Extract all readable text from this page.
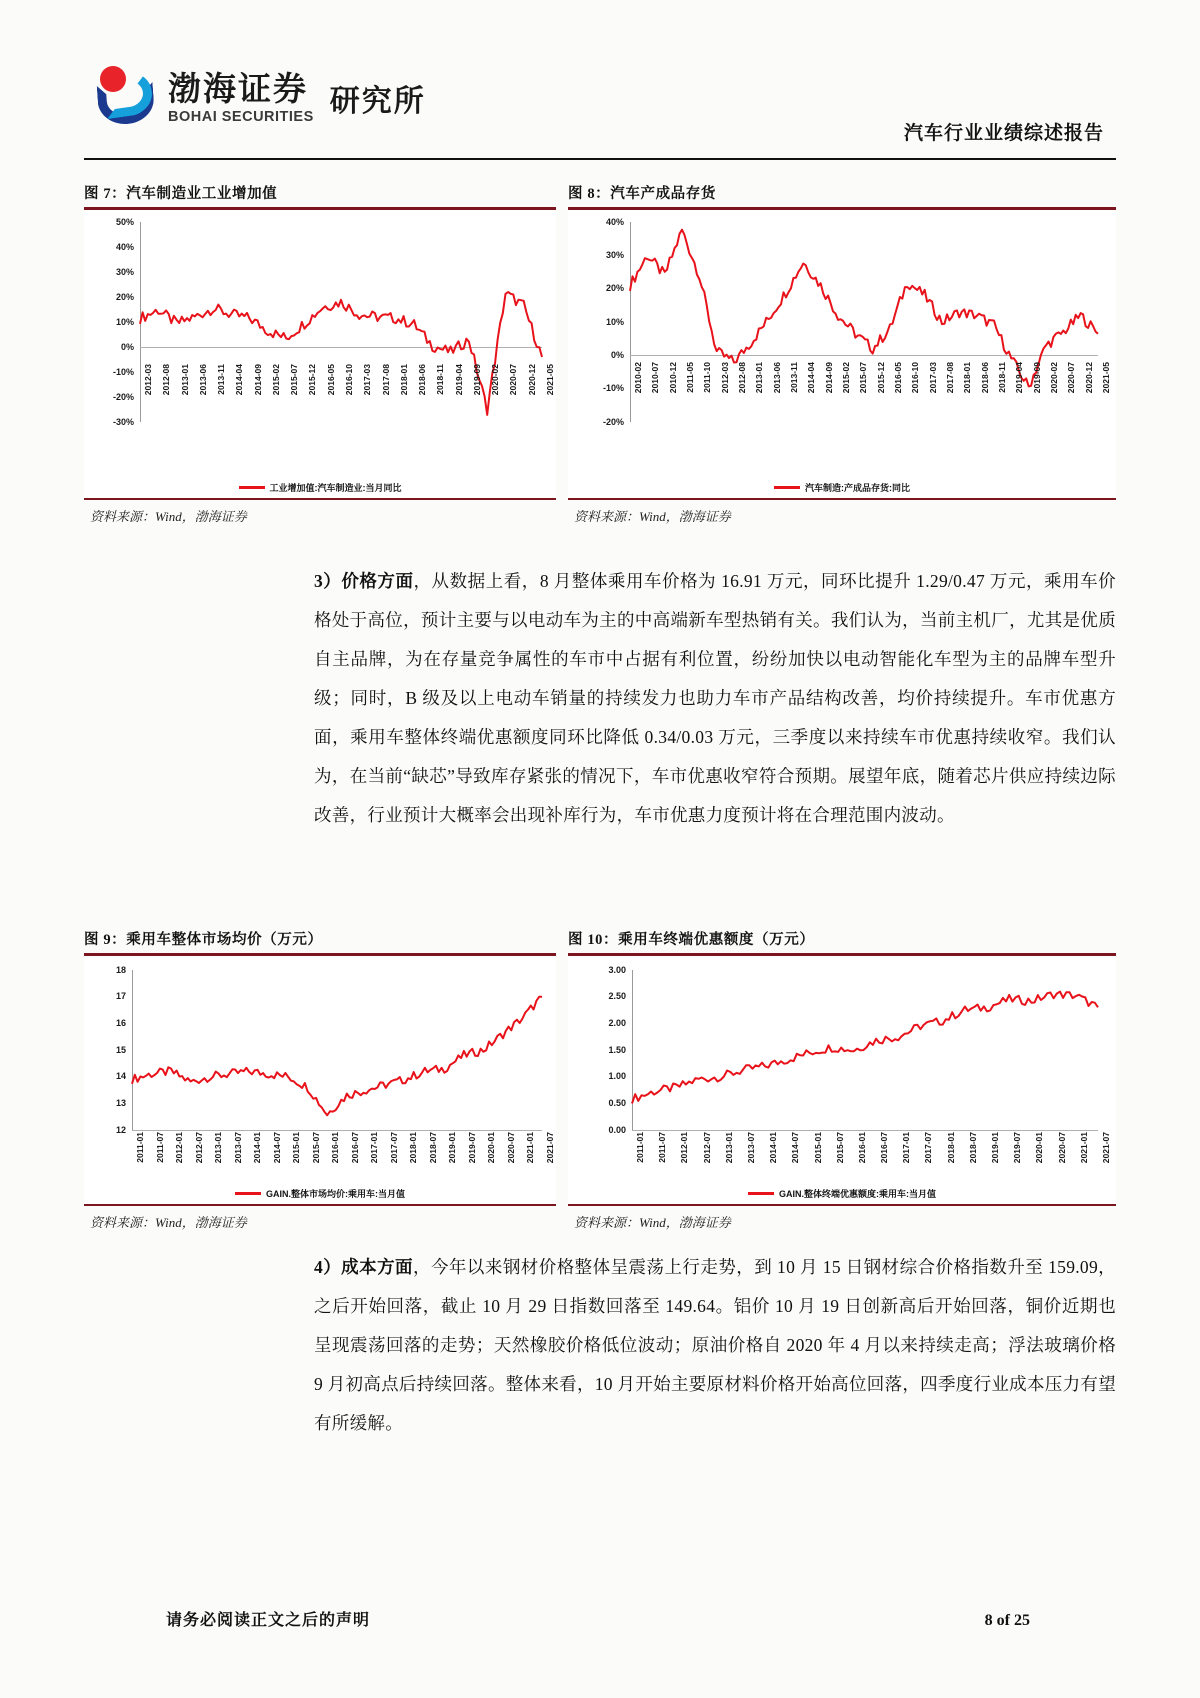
渤海证券
BOHAI SECURITIES 研究所
汽车行业业绩综述报告
图 7：汽车制造业工业增加值
50%
40%
30%
20%
10%
0%
-10%
-20%
-30%
2012-03 2012-08 2013-01 2013-06 2013-11 2014-04 2014-09 2015-02 2015-07 2015-12 2016-05 2016-10 2017-03 2017-08 2018-01 2018-06 2018-11 2019-04 2019-09 2020-02 2020-07 2020-12 2021-05
工业增加值:汽车制造业:当月同比
资料来源：Wind，渤海证券
图 8：汽车产成品存货
40%
30%
20%
10%
0%
-10%
-20%
2010-02 2010-07 2010-12 2011-05 2011-10 2012-03 2012-08 2013-01 2013-06 2013-11 2014-04 2014-09 2015-02 2015-07 2015-12 2016-05 2016-10 2017-03 2017-08 2018-01 2018-06 2018-11 2019-04 2019-09 2020-02 2020-07 2020-12 2021-05
汽车制造:产成品存货:同比
资料来源：Wind，渤海证券
3）价格方面，从数据上看，8 月整体乘用车价格为 16.91 万元，同环比提升 1.29/0.47 万元，乘用车价格处于高位，预计主要与以电动车为主的中高端新车型热销有关。我们认为，当前主机厂，尤其是优质自主品牌，为在存量竞争属性的车市中占据有利位置，纷纷加快以电动智能化车型为主的品牌车型升级；同时，B 级及以上电动车销量的持续发力也助力车市产品结构改善，均价持续提升。车市优惠方面，乘用车整体终端优惠额度同环比降低 0.34/0.03 万元，三季度以来持续车市优惠持续收窄。我们认为，在当前“缺芯”导致库存紧张的情况下，车市优惠收窄符合预期。展望年底，随着芯片供应持续边际改善，行业预计大概率会出现补库行为，车市优惠力度预计将在合理范围内波动。
图 9：乘用车整体市场均价（万元）
18
17
16
15
14
13
12
2011-01 2011-07 2012-01 2012-07 2013-01 2013-07 2014-01 2014-07 2015-01 2015-07 2016-01 2016-07 2017-01 2017-07 2018-01 2018-07 2019-01 2019-07 2020-01 2020-07 2021-01 2021-07
GAIN.整体市场均价:乘用车:当月值
资料来源：Wind，渤海证券
图 10：乘用车终端优惠额度（万元）
3.00
2.50
2.00
1.50
1.00
0.50
0.00
2011-01 2011-07 2012-01 2012-07 2013-01 2013-07 2014-01 2014-07 2015-01 2015-07 2016-01 2016-07 2017-01 2017-07 2018-01 2018-07 2019-01 2019-07 2020-01 2020-07 2021-01 2021-07
GAIN.整体终端优惠额度:乘用车:当月值
资料来源：Wind，渤海证券
4）成本方面，今年以来钢材价格整体呈震荡上行走势，到 10 月 15 日钢材综合价格指数升至 159.09，之后开始回落，截止 10 月 29 日指数回落至 149.64。铝价 10 月 19 日创新高后开始回落，铜价近期也呈现震荡回落的走势；天然橡胶价格低位波动；原油价格自 2020 年 4 月以来持续走高；浮法玻璃价格 9 月初高点后持续回落。整体来看，10 月开始主要原材料价格开始高位回落，四季度行业成本压力有望有所缓解。
请务必阅读正文之后的声明	8 of 25
